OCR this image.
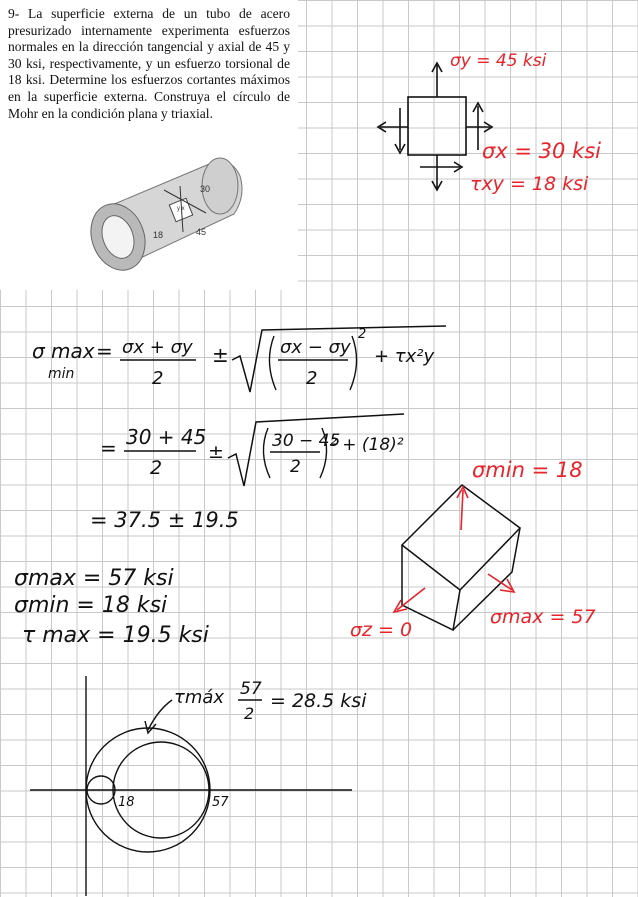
9- La superficie externa de un tubo de acero presurizado internamente experimenta esfuerzos normales en la dirección tangencial y axial de 45 y 30 ksi, respectivamente, y un esfuerzo torsional de 18 ksi. Determine los esfuerzos cortantes máximos en la superficie externa. Construya el círculo de Mohr en la condición plana y triaxial.

30
45
18
y x
σy = 45 ksi
σx = 30 ksi
τxy = 18 ksi
σ max
min
= σx + σy
2
±	σx − σy
2
2
+ τx²y
= 30 + 45
2
±	30 − 45
2
² + (18)²
= 37.5 ± 19.5
σmax = 57 ksi
σmin = 18 ksi
τ max = 19.5 ksi
σmin = 18
σz = 0
σmax = 57
τmáx 57
2
= 28.5 ksi
18	57
